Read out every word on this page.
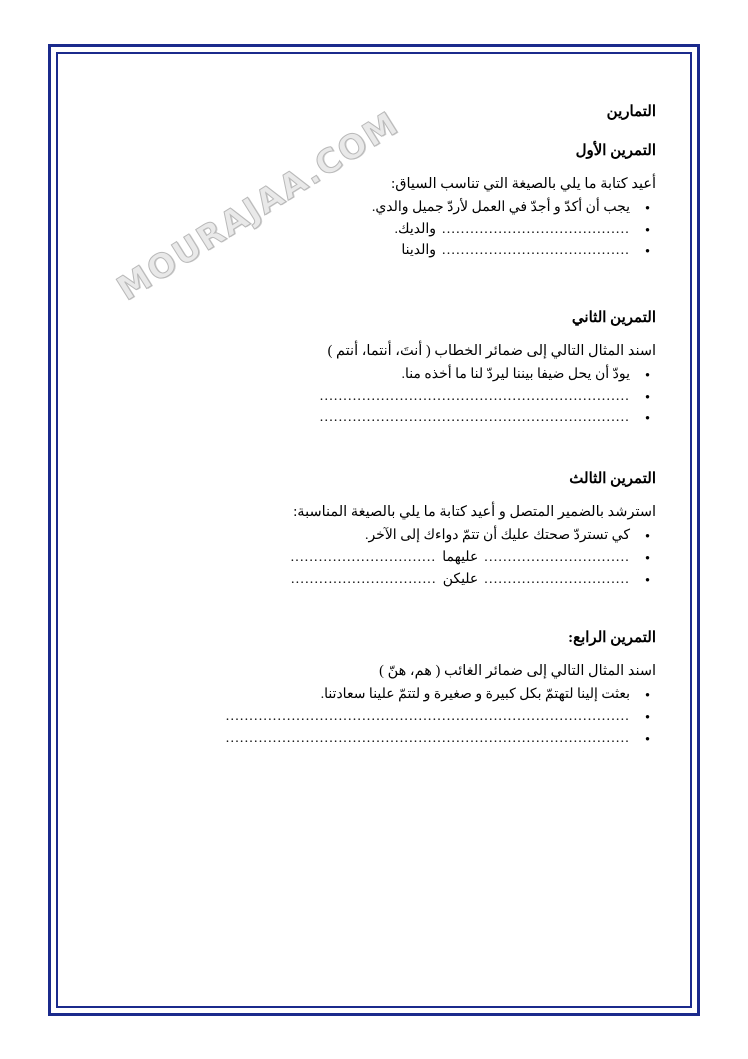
التمارين
التمرين الأول
أعيد كتابة ما يلي بالصيغة التي تناسب السياق:
● يجب أن أكدّ و أجدّ في العمل لأردّ جميل والدي.
● ........................................والديك.
● ........................................والدينا
التمرين الثاني
اسند المثال التالي إلى ضمائر الخطاب ( أنتَ، أنتما، أنتم )
● يودّ أن يحل ضيفا بيننا ليردّ لنا ما أخذه منا.
● ..................................................................
● ..................................................................
التمرين الثالث
استرشد بالضمير المتصل و أعيد كتابة ما يلي بالصيغة المناسبة:
● كي تستردّ صحتك عليك أن تتمّ دواءك إلى الآخر.
● ...............................عليهما...............................
● ...............................عليكن...............................
التمرين الرابع:
اسند المثال التالي إلى ضمائر الغائب ( هم، هنّ )
● بعثت إلينا لتهتمّ بكل كبيرة و صغيرة و لتتمّ علينا سعادتنا.
● ......................................................................................
● ......................................................................................
MOURAJAA.COM
